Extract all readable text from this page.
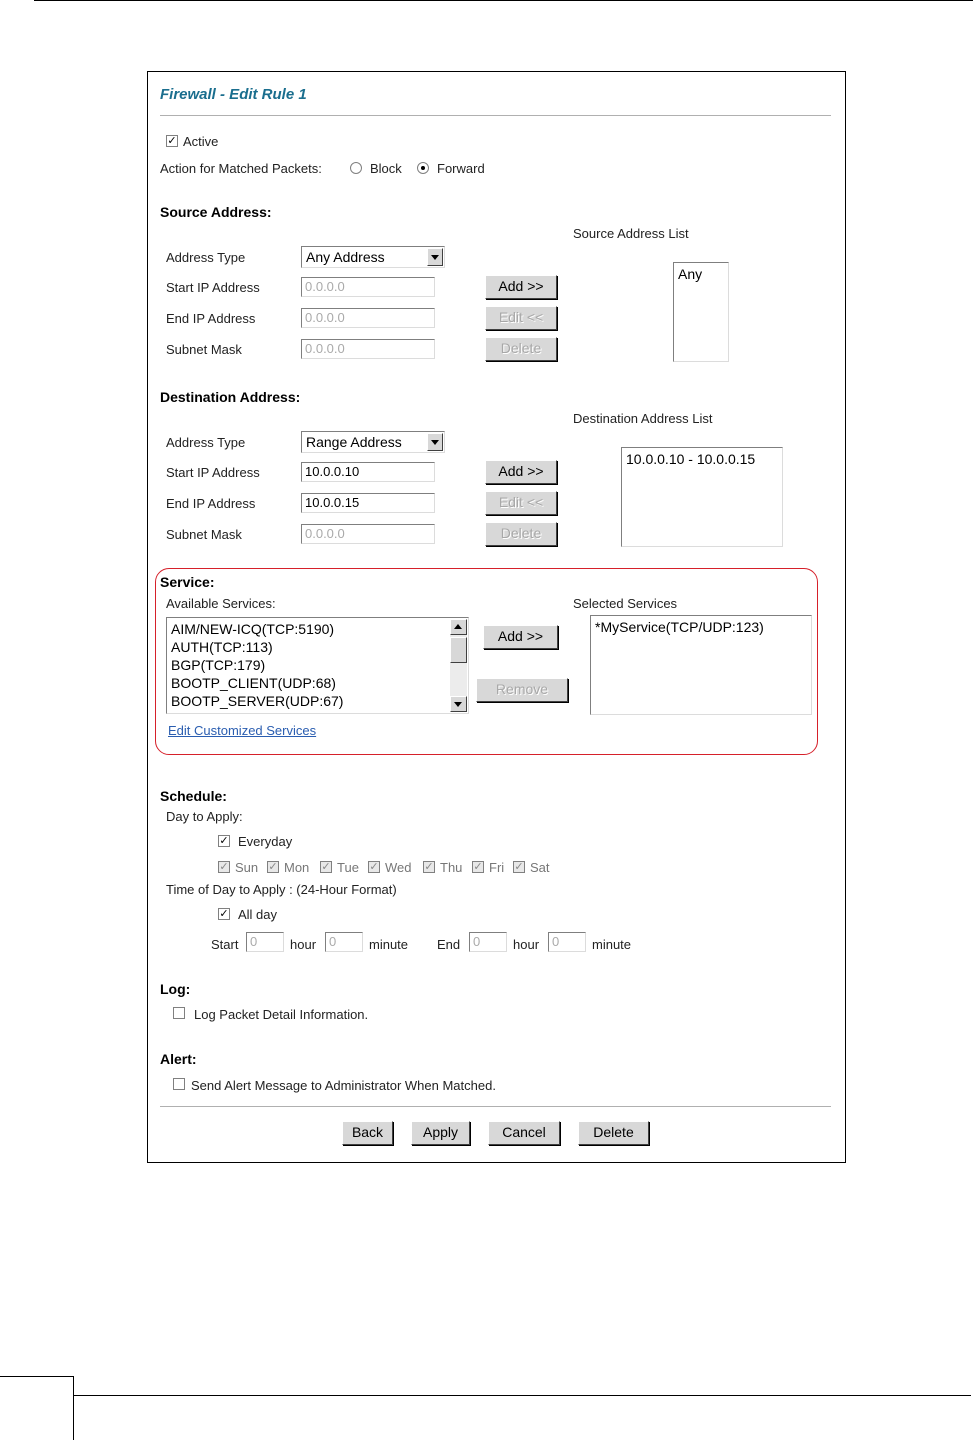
Firewall - Edit Rule 1
✓ Active
Action for Matched Packets:	Block	Forward
Source Address:
Source Address List
Address Type	Any Address
Start IP Address	0.0.0.0	Add >>
End IP Address	0.0.0.0	Edit <<
Subnet Mask	0.0.0.0	Delete
Any
Destination Address:
Destination Address List
Address Type	Range Address
Start IP Address	10.0.0.10	Add >>
End IP Address	10.0.0.15	Edit <<
Subnet Mask	0.0.0.0	Delete
10.0.0.10 - 10.0.0.15
Service:
Available Services:	Selected Services
AIM/NEW-ICQ(TCP:5190)
AUTH(TCP:113)
BGP(TCP:179)
BOOTP_CLIENT(UDP:68)
BOOTP_SERVER(UDP:67)
Add >>
Remove
*MyService(TCP/UDP:123)
Edit Customized Services
Schedule:
Day to Apply:
✓ Everyday
✓ Sun ✓ Mon ✓ Tue ✓ Wed ✓ Thu ✓ Fri ✓ Sat
Time of Day to Apply : (24-Hour Format)
✓ All day
Start 0	hour 0	minute End 0	hour 0	minute
Log:
Log Packet Detail Information.
Alert:
Send Alert Message to Administrator When Matched.
Back	Apply	Cancel	Delete
